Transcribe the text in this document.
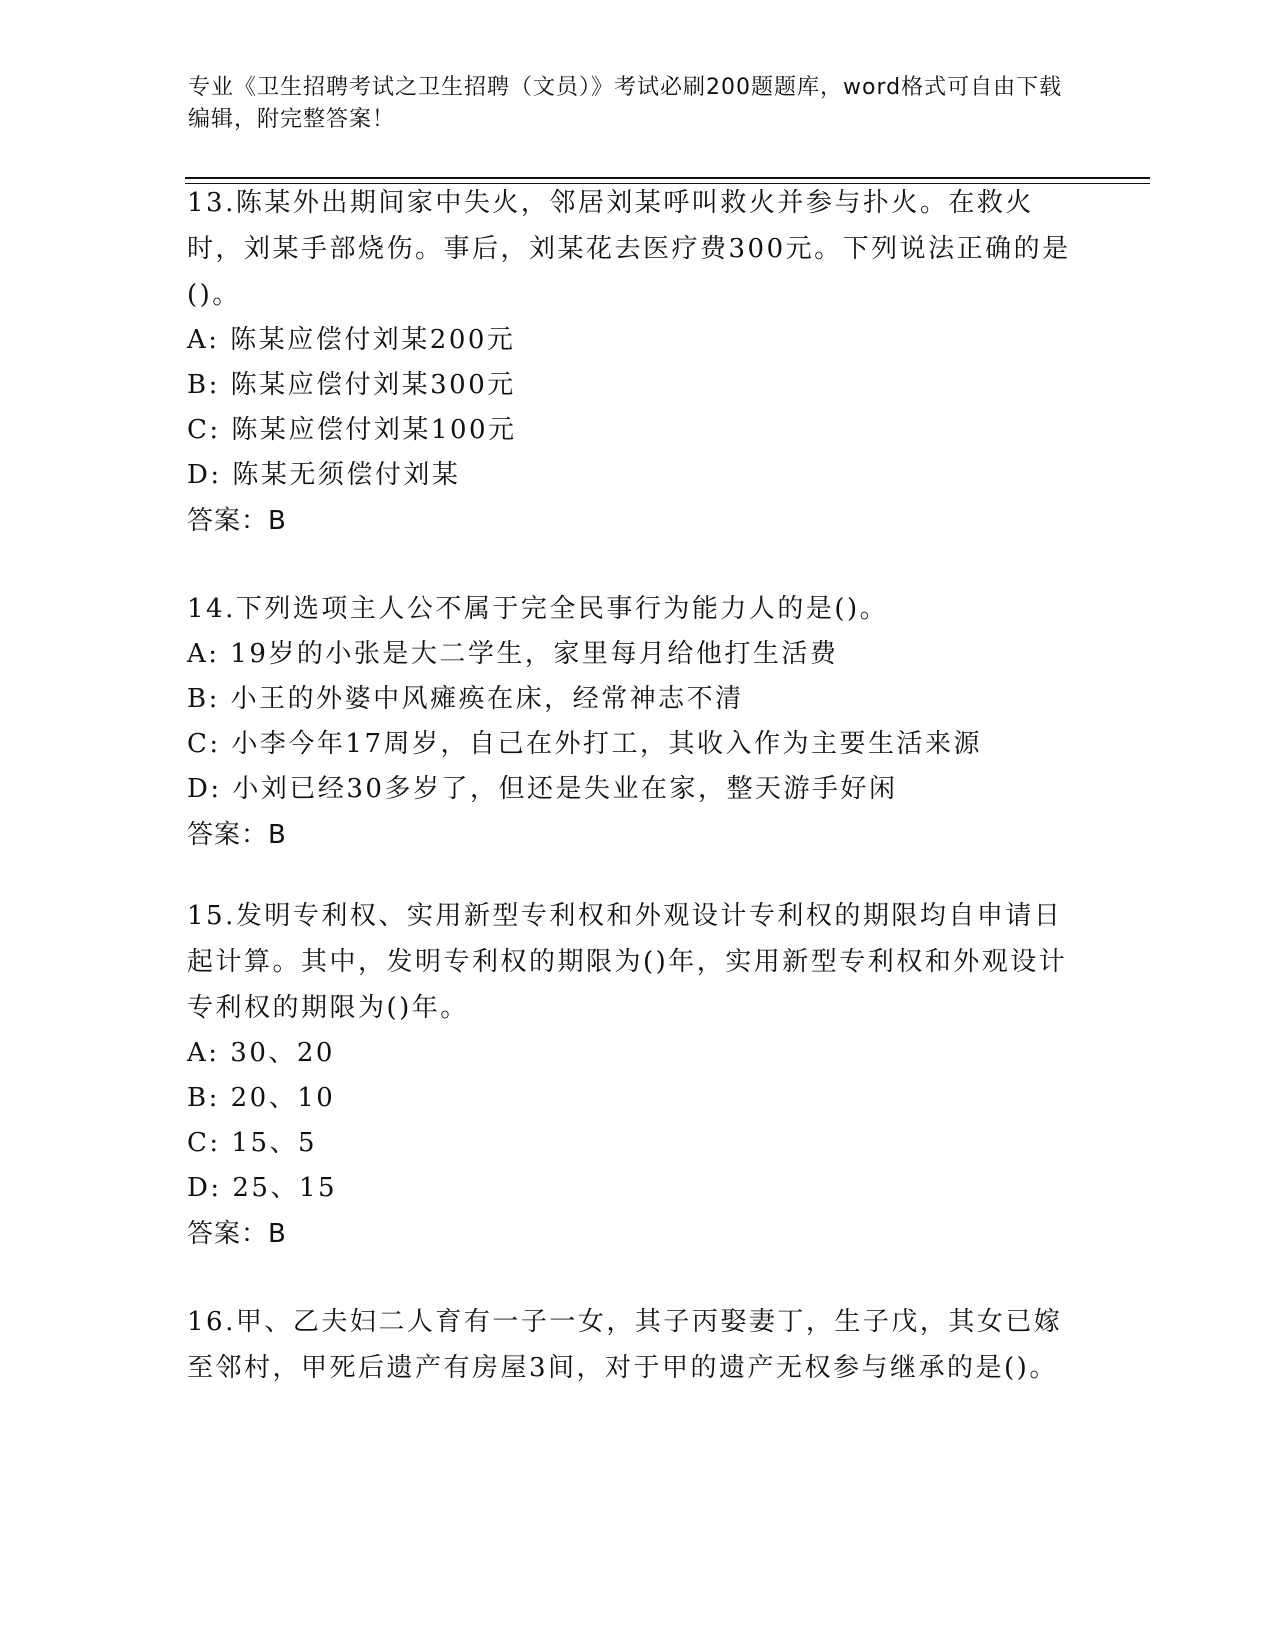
专业《卫生招聘考试之卫生招聘（文员）》考试必刷200题题库，word格式可自由下载编辑，附完整答案！

13.陈某外出期间家中失火，邻居刘某呼叫救火并参与扑火。在救火时，刘某手部烧伤。事后，刘某花去医疗费300元。下列说法正确的是()。

A: 陈某应偿付刘某200元

B: 陈某应偿付刘某300元

C: 陈某应偿付刘某100元

D: 陈某无须偿付刘某

答案：B

14.下列选项主人公不属于完全民事行为能力人的是()。

A: 19岁的小张是大二学生，家里每月给他打生活费

B: 小王的外婆中风瘫痪在床，经常神志不清

C: 小李今年17周岁，自己在外打工，其收入作为主要生活来源

D: 小刘已经30多岁了，但还是失业在家，整天游手好闲

答案：B

15.发明专利权、实用新型专利权和外观设计专利权的期限均自申请日起计算。其中，发明专利权的期限为()年，实用新型专利权和外观设计专利权的期限为()年。

A: 30、20

B: 20、10

C: 15、5

D: 25、15

答案：B

16.甲、乙夫妇二人育有一子一女，其子丙娶妻丁，生子戊，其女已嫁至邻村，甲死后遗产有房屋3间，对于甲的遗产无权参与继承的是()。
